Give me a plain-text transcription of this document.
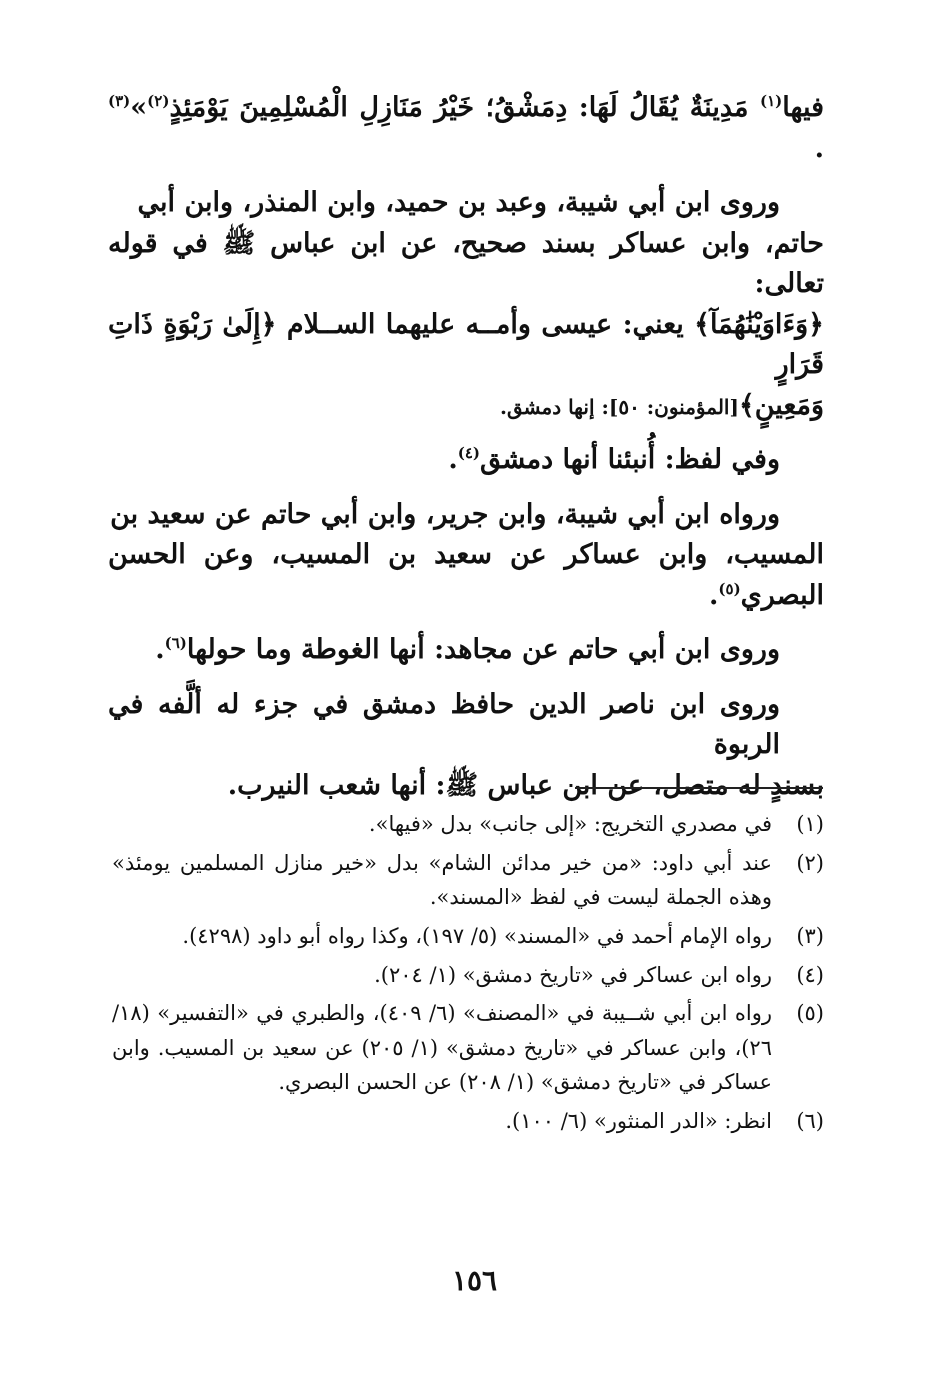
فيها$^{(١)}$ مَدِينَةٌ يُقَالُ لَهَا: دِمَشْقُ؛ خَيْرُ مَنَازِلِ الْمُسْلِمِينَ يَوْمَئِذٍ$^{(٢)}$»$^{(٣)}$ .

وروى ابن أبي شيبة، وعبد بن حميد، وابن المنذر، وابن أبي
حاتم، وابن عساكر بسند صحيح، عن ابن عباس ﷺ في قوله تعالى:
﴿وَءَاوَيْنَٰهُمَآ﴾ يعني: عيسى وأمــه عليهما الســلام ﴿إِلَىٰ رَبْوَةٍ ذَاتِ قَرَارٍ
وَمَعِينٍ﴾[المؤمنون: ٥٠]: إنها دمشق.

وفي لفظ: أُنبئنا أنها دمشق$^{(٤)}$.

ورواه ابن أبي شيبة، وابن جرير، وابن أبي حاتم عن سعيد بن
المسيب، وابن عساكر عن سعيد بن المسيب، وعن الحسن البصري$^{(٥)}$.

وروى ابن أبي حاتم عن مجاهد: أنها الغوطة وما حولها$^{(٦)}$.

وروى ابن ناصر الدين حافظ دمشق في جزء له ألَّفه في الربوة
بسندٍ له متصل، عن ابن عباس ﷺ: أنها شعب النيرب.

(١)
في مصدري التخريج: «إلى جانب» بدل «فيها».
(٢)
عند أبي داود: «من خير مدائن الشام» بدل «خير منازل المسلمين يومئذ» وهذه الجملة ليست في لفظ «المسند».
(٣)
رواه الإمام أحمد في «المسند» (٥/ ١٩٧)، وكذا رواه أبو داود (٤٢٩٨).
(٤)
رواه ابن عساكر في «تاريخ دمشق» (١/ ٢٠٤).
(٥)
رواه ابن أبي شــيبة في «المصنف» (٦/ ٤٠٩)، والطبري في «التفسير» (١٨/ ٢٦)، وابن عساكر في «تاريخ دمشق» (١/ ٢٠٥) عن سعيد بن المسيب. وابن عساكر في «تاريخ دمشق» (١/ ٢٠٨) عن الحسن البصري.
(٦)
انظر: «الدر المنثور» (٦/ ١٠٠).
١٥٦
